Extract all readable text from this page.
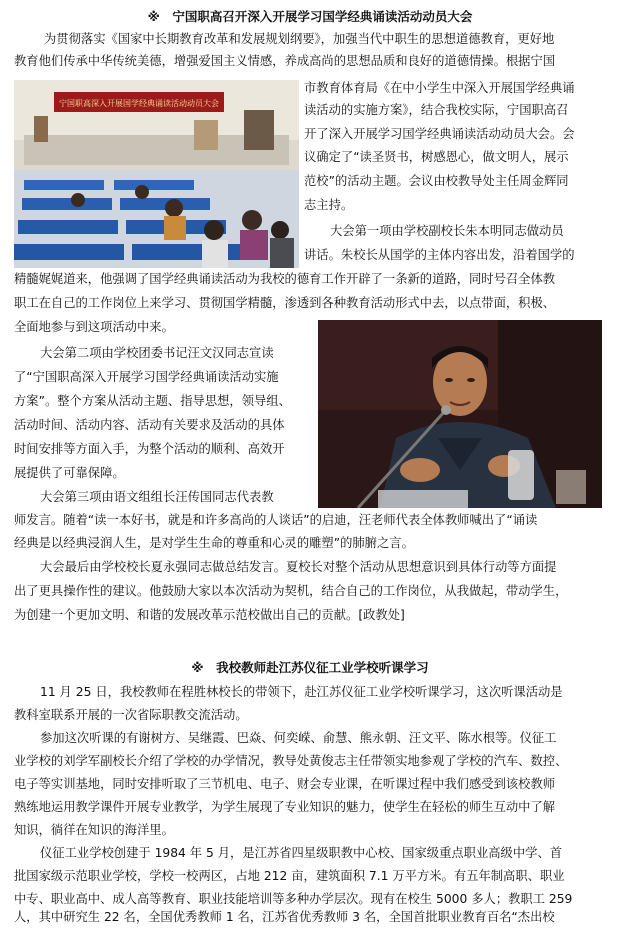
※　宁国职高召开深入开展学习国学经典诵读活动动员大会
为贯彻落实《国家中长期教育改革和发展规划纲要》，加强当代中职生的思想道德教育，更好地
教育他们传承中华传统美德，增强爱国主义情感，养成高尚的思想品质和良好的道德情操。根据宁国
宁国职高深入开展国学经典诵读活动动员大会
市教育体育局《在中小学生中深入开展国学经典诵
读活动的实施方案》，结合我校实际，宁国职高召
开了深入开展学习国学经典诵读活动动员大会。会
议确定了“读圣贤书，树感恩心，做文明人，展示
范校”的活动主题。会议由校教导处主任周金辉同
志主持。
大会第一项由学校副校长朱本明同志做动员
讲话。朱校长从国学的主体内容出发，沿着国学的
精髓娓娓道来，他强调了国学经典诵读活动为我校的德育工作开辟了一条新的道路，同时号召全体教
职工在自己的工作岗位上来学习、贯彻国学精髓，渗透到各种教育活动形式中去，以点带面，积极、
全面地参与到这项活动中来。
大会第二项由学校团委书记汪文汉同志宣读
了“宁国职高深入开展学习国学经典诵读活动实施
方案”。整个方案从活动主题、指导思想，领导组、
活动时间、活动内容、活动有关要求及活动的具体
时间安排等方面入手，为整个活动的顺利、高效开
展提供了可靠保障。
大会第三项由语文组组长汪传国同志代表教
师发言。随着“读一本好书，就是和许多高尚的人谈话”的启迪，汪老师代表全体教师喊出了“诵读
经典是以经典浸润人生，是对学生生命的尊重和心灵的雕塑”的肺腑之言。
大会最后由学校校长夏永强同志做总结发言。夏校长对整个活动从思想意识到具体行动等方面提
出了更具操作性的建议。他鼓励大家以本次活动为契机，结合自己的工作岗位，从我做起，带动学生，
为创建一个更加文明、和谐的发展改革示范校做出自己的贡献。[政教处]
※　我校教师赴江苏仪征工业学校听课学习
11 月 25 日，我校教师在程胜林校长的带领下，赴江苏仪征工业学校听课学习，这次听课活动是
教科室联系开展的一次省际职教交流活动。
参加这次听课的有谢树方、吴继霞、巴焱、何奕嵘、俞慧、熊永朝、汪文平、陈水根等。仪征工
业学校的刘学军副校长介绍了学校的办学情况，教导处黄俊志主任带领实地参观了学校的汽车、数控、
电子等实训基地，同时安排听取了三节机电、电子、财会专业课，在听课过程中我们感受到该校教师
熟练地运用教学课件开展专业教学，为学生展现了专业知识的魅力，使学生在轻松的师生互动中了解
知识，徜徉在知识的海洋里。
仪征工业学校创建于 1984 年 5 月，是江苏省四星级职教中心校、国家级重点职业高级中学、首
批国家级示范职业学校，学校一校两区，占地 212 亩，建筑面积 7.1 万平方米。有五年制高职、职业
中专、职业高中、成人高等教育、职业技能培训等多种办学层次。现有在校生 5000 多人；教职工 259
人，其中研究生 22 名，全国优秀教师 1 名，江苏省优秀教师 3 名，全国首批职业教育百名“杰出校
